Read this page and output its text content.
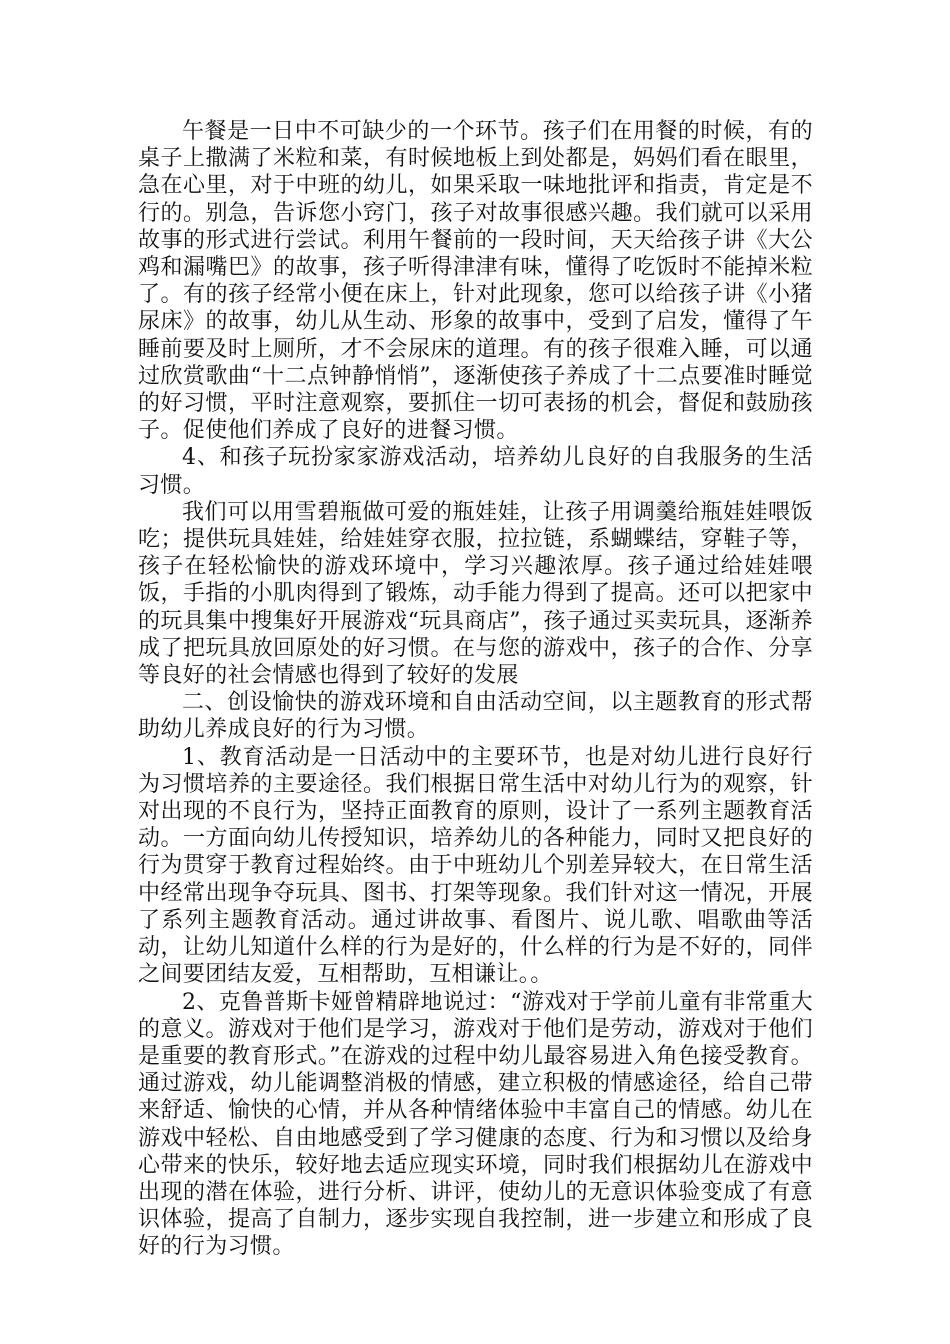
午餐是一日中不可缺少的一个环节。孩子们在用餐的时候，有的桌子上撒满了米粒和菜，有时候地板上到处都是，妈妈们看在眼里，急在心里，对于中班的幼儿，如果采取一味地批评和指责，肯定是不行的。别急，告诉您小窍门，孩子对故事很感兴趣。我们就可以采用故事的形式进行尝试。利用午餐前的一段时间，天天给孩子讲《大公鸡和漏嘴巴》的故事，孩子听得津津有味，懂得了吃饭时不能掉米粒了。有的孩子经常小便在床上，针对此现象，您可以给孩子讲《小猪尿床》的故事，幼儿从生动、形象的故事中，受到了启发，懂得了午睡前要及时上厕所，才不会尿床的道理。有的孩子很难入睡，可以通过欣赏歌曲“十二点钟静悄悄”，逐渐使孩子养成了十二点要准时睡觉的好习惯，平时注意观察，要抓住一切可表扬的机会，督促和鼓励孩子。促使他们养成了良好的进餐习惯。

4、和孩子玩扮家家游戏活动，培养幼儿良好的自我服务的生活习惯。

我们可以用雪碧瓶做可爱的瓶娃娃，让孩子用调羹给瓶娃娃喂饭吃；提供玩具娃娃，给娃娃穿衣服，拉拉链，系蝴蝶结，穿鞋子等，孩子在轻松愉快的游戏环境中，学习兴趣浓厚。孩子通过给娃娃喂饭，手指的小肌肉得到了锻炼，动手能力得到了提高。还可以把家中的玩具集中搜集好开展游戏“玩具商店”，孩子通过买卖玩具，逐渐养成了把玩具放回原处的好习惯。在与您的游戏中，孩子的合作、分享等良好的社会情感也得到了较好的发展

二、创设愉快的游戏环境和自由活动空间，以主题教育的形式帮助幼儿养成良好的行为习惯。

1、教育活动是一日活动中的主要环节，也是对幼儿进行良好行为习惯培养的主要途径。我们根据日常生活中对幼儿行为的观察，针对出现的不良行为，坚持正面教育的原则，设计了一系列主题教育活动。一方面向幼儿传授知识，培养幼儿的各种能力，同时又把良好的行为贯穿于教育过程始终。由于中班幼儿个别差异较大，在日常生活中经常出现争夺玩具、图书、打架等现象。我们针对这一情况，开展了系列主题教育活动。通过讲故事、看图片、说儿歌、唱歌曲等活动，让幼儿知道什么样的行为是好的，什么样的行为是不好的，同伴之间要团结友爱，互相帮助，互相谦让。。

2、克鲁普斯卡娅曾精辟地说过：“游戏对于学前儿童有非常重大的意义。游戏对于他们是学习，游戏对于他们是劳动，游戏对于他们是重要的教育形式。”在游戏的过程中幼儿最容易进入角色接受教育。通过游戏，幼儿能调整消极的情感，建立积极的情感途径，给自己带来舒适、愉快的心情，并从各种情绪体验中丰富自己的情感。幼儿在游戏中轻松、自由地感受到了学习健康的态度、行为和习惯以及给身心带来的快乐，较好地去适应现实环境，同时我们根据幼儿在游戏中出现的潜在体验，进行分析、讲评，使幼儿的无意识体验变成了有意识体验，提高了自制力，逐步实现自我控制，进一步建立和形成了良好的行为习惯。
